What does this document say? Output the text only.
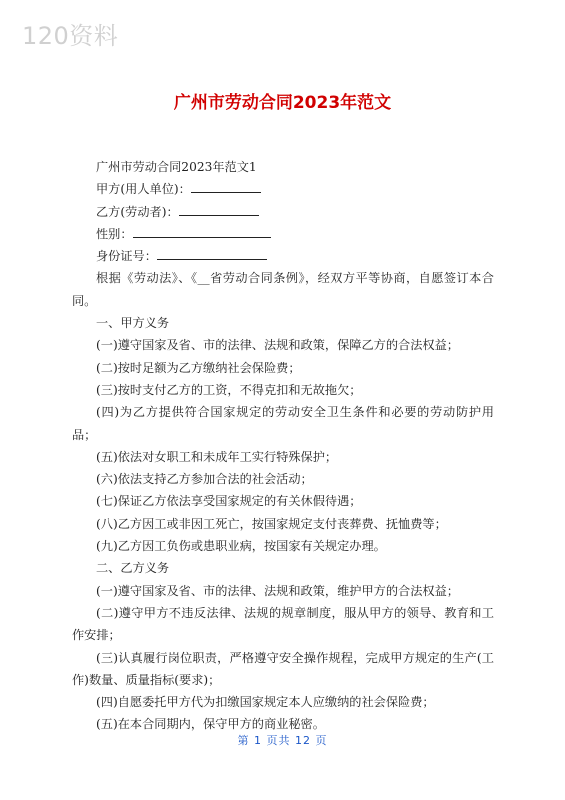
120资料
广州市劳动合同2023年范文

广州市劳动合同2023年范文1

甲方(用人单位)：

乙方(劳动者)：

性别：

身份证号：

根据《劳动法》、《__省劳动合同条例》，经双方平等协商，自愿签订本合同。

一、甲方义务

(一)遵守国家及省、市的法律、法规和政策，保障乙方的合法权益；

(二)按时足额为乙方缴纳社会保险费；

(三)按时支付乙方的工资，不得克扣和无故拖欠；

(四)为乙方提供符合国家规定的劳动安全卫生条件和必要的劳动防护用品；

(五)依法对女职工和未成年工实行特殊保护；

(六)依法支持乙方参加合法的社会活动；

(七)保证乙方依法享受国家规定的有关休假待遇；

(八)乙方因工或非因工死亡，按国家规定支付丧葬费、抚恤费等；

(九)乙方因工负伤或患职业病，按国家有关规定办理。

二、乙方义务

(一)遵守国家及省、市的法律、法规和政策，维护甲方的合法权益；

(二)遵守甲方不违反法律、法规的规章制度，服从甲方的领导、教育和工作安排；

(三)认真履行岗位职责，严格遵守安全操作规程，完成甲方规定的生产(工作)数量、质量指标(要求)；

(四)自愿委托甲方代为扣缴国家规定本人应缴纳的社会保险费；

(五)在本合同期内，保守甲方的商业秘密。

第 1 页共 12 页
